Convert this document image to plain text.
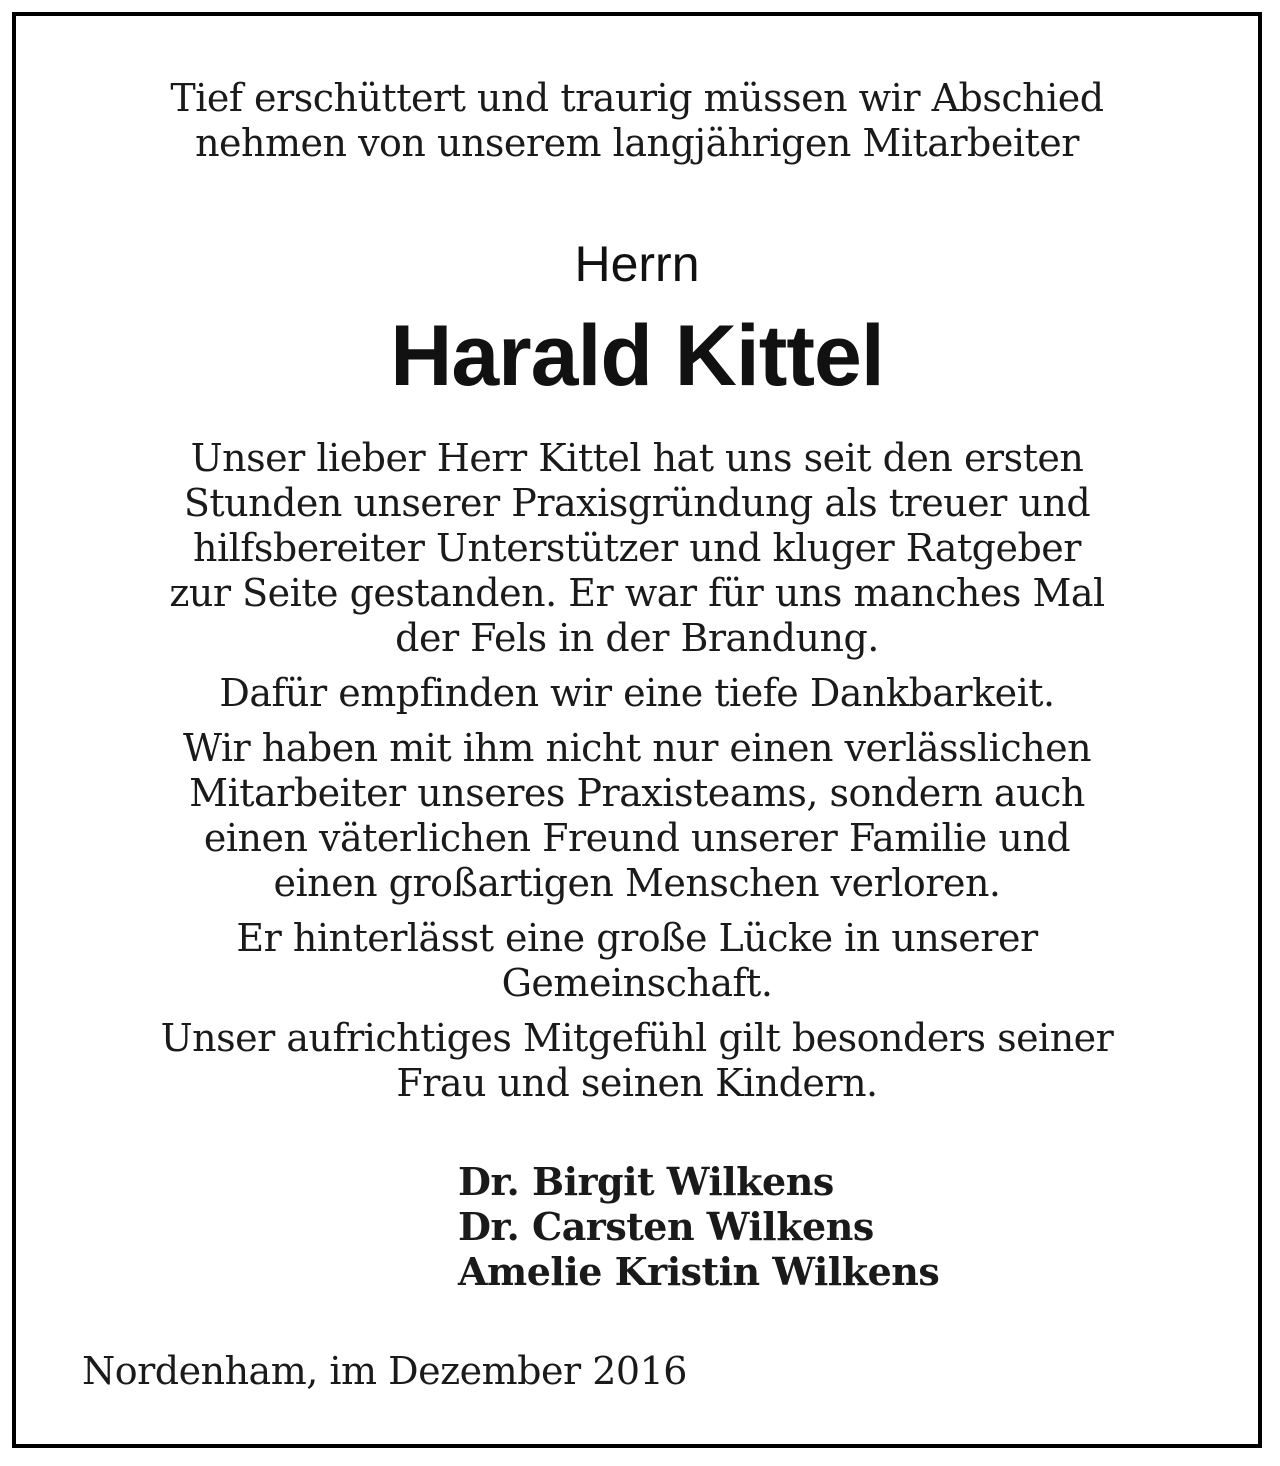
Tief erschüttert und traurig müssen wir Abschied
nehmen von unserem langjährigen Mitarbeiter
Herrn
Harald Kittel
Unser lieber Herr Kittel hat uns seit den ersten
Stunden unserer Praxisgründung als treuer und
hilfsbereiter Unterstützer und kluger Ratgeber
zur Seite gestanden. Er war für uns manches Mal
der Fels in der Brandung.
Dafür empfinden wir eine tiefe Dankbarkeit.
Wir haben mit ihm nicht nur einen verlässlichen
Mitarbeiter unseres Praxisteams, sondern auch
einen väterlichen Freund unserer Familie und
einen großartigen Menschen verloren.
Er hinterlässt eine große Lücke in unserer
Gemeinschaft.
Unser aufrichtiges Mitgefühl gilt besonders seiner
Frau und seinen Kindern.
Dr. Birgit Wilkens
Dr. Carsten Wilkens
Amelie Kristin Wilkens
Nordenham, im Dezember 2016
